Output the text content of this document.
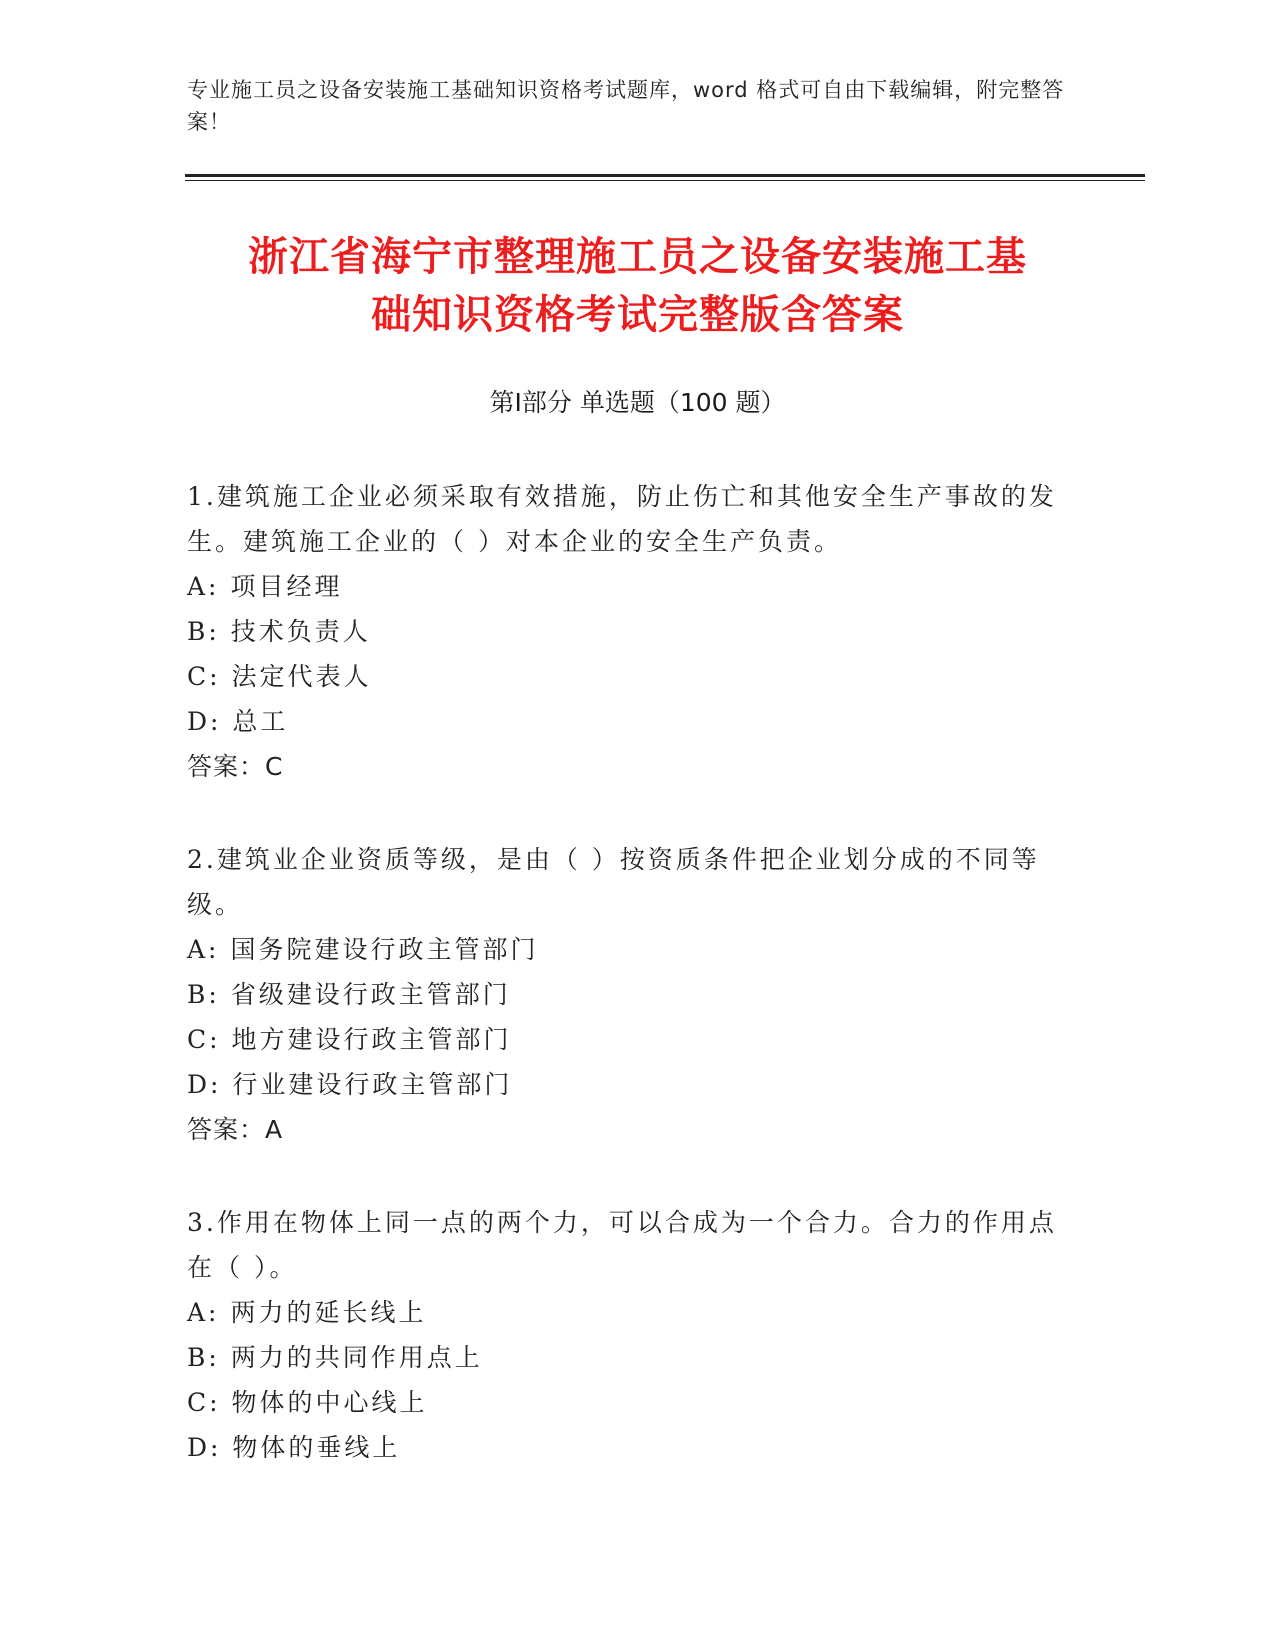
专业施工员之设备安装施工基础知识资格考试题库，word 格式可自由下载编辑，附完整答案！
浙江省海宁市整理施工员之设备安装施工基
础知识资格考试完整版含答案
第Ⅰ部分 单选题（100 题）

1.建筑施工企业必须采取有效措施，防止伤亡和其他安全生产事故的发生。建筑施工企业的（ ）对本企业的安全生产负责。

A: 项目经理

B: 技术负责人

C: 法定代表人

D: 总工

答案：C

2.建筑业企业资质等级，是由（ ）按资质条件把企业划分成的不同等级。

A: 国务院建设行政主管部门

B: 省级建设行政主管部门

C: 地方建设行政主管部门

D: 行业建设行政主管部门

答案：A

3.作用在物体上同一点的两个力，可以合成为一个合力。合力的作用点在（ ）。

A: 两力的延长线上

B: 两力的共同作用点上

C: 物体的中心线上

D: 物体的垂线上
